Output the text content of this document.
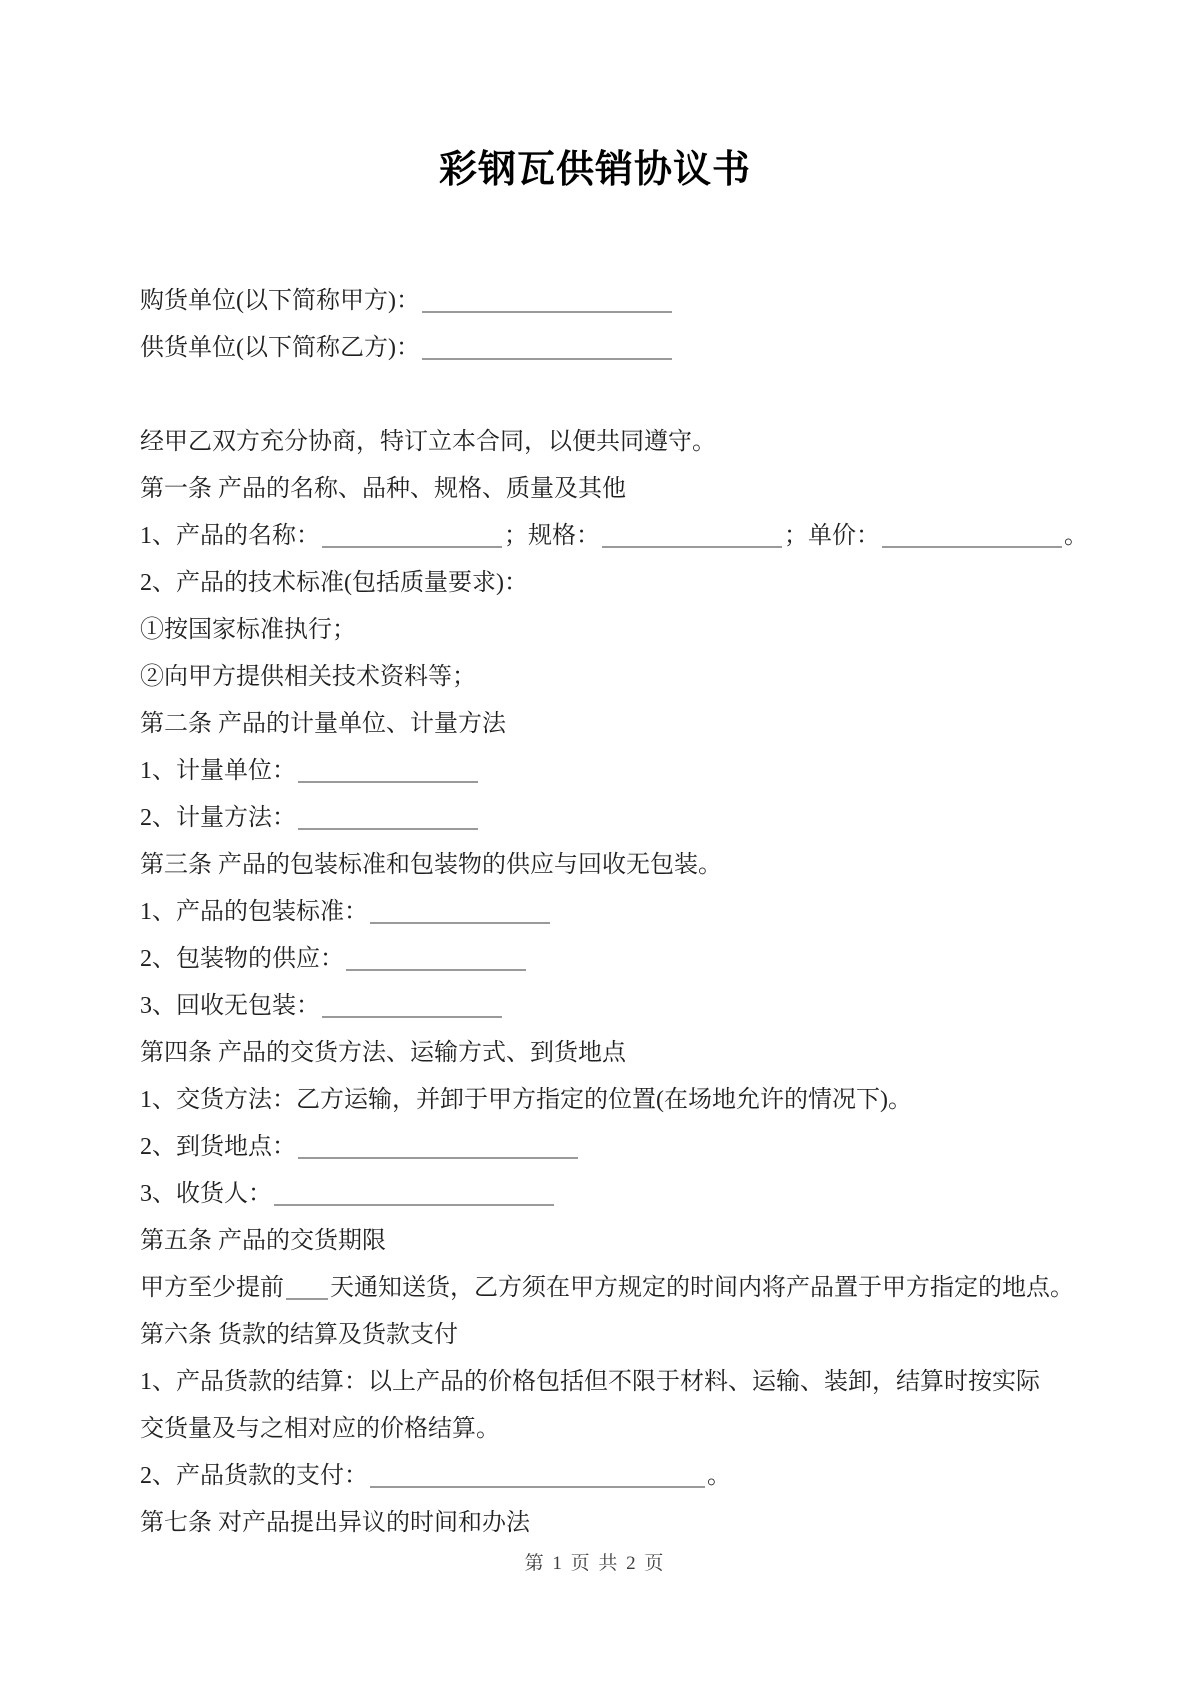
彩钢瓦供销协议书
购货单位(以下简称甲方)：
供货单位(以下简称乙方)：
经甲乙双方充分协商，特订立本合同，以便共同遵守。
第一条 产品的名称、品种、规格、质量及其他
1、产品的名称：	；规格：	；单价：	。
2、产品的技术标准(包括质量要求)：
①按国家标准执行；
②向甲方提供相关技术资料等；
第二条 产品的计量单位、计量方法
1、计量单位：
2、计量方法：
第三条 产品的包装标准和包装物的供应与回收无包装。
1、产品的包装标准：
2、包装物的供应：
3、回收无包装：
第四条 产品的交货方法、运输方式、到货地点
1、交货方法：乙方运输，并卸于甲方指定的位置(在场地允许的情况下)。
2、到货地点：
3、收货人：
第五条 产品的交货期限
甲方至少提前 天通知送货，乙方须在甲方规定的时间内将产品置于甲方指定的地点。
第六条 货款的结算及货款支付
1、产品货款的结算：以上产品的价格包括但不限于材料、运输、装卸，结算时按实际
交货量及与之相对应的价格结算。
2、产品货款的支付：	。
第七条 对产品提出异议的时间和办法
第 1 页 共 2 页
